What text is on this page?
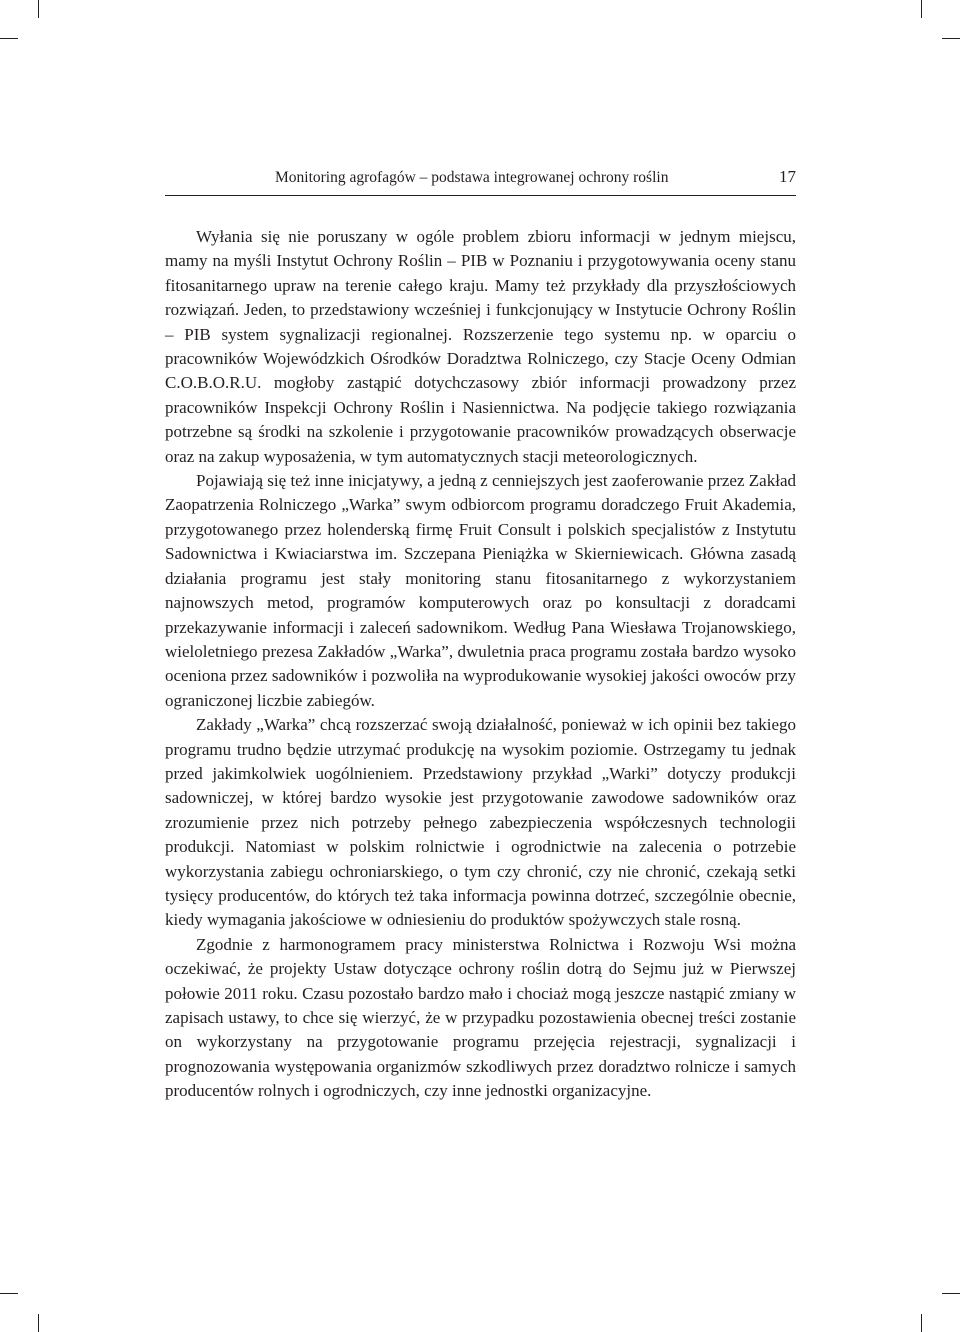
Monitoring agrofagów – podstawa integrowanej ochrony roślin	17

Wyłania się nie poruszany w ogóle problem zbioru informacji w jednym miejscu, mamy na myśli Instytut Ochrony Roślin – PIB w Poznaniu i przygotowywania oceny stanu fitosanitarnego upraw na terenie całego kraju. Mamy też przykłady dla przyszłościowych rozwiązań. Jeden, to przedstawiony wcześniej i funkcjonujący w Instytucie Ochrony Roślin – PIB system sygnalizacji regionalnej. Rozszerzenie tego systemu np. w oparciu o pracowników Wojewódzkich Ośrodków Doradztwa Rolniczego, czy Stacje Oceny Odmian C.O.B.O.R.U. mogłoby zastąpić dotychczasowy zbiór informacji prowadzony przez pracowników Inspekcji Ochrony Roślin i Nasiennictwa. Na podjęcie takiego rozwiązania potrzebne są środki na szkolenie i przygotowanie pracowników prowadzących obserwacje oraz na zakup wyposażenia, w tym automatycznych stacji meteorologicznych.

Pojawiają się też inne inicjatywy, a jedną z cenniejszych jest zaoferowanie przez Zakład Zaopatrzenia Rolniczego „Warka” swym odbiorcom programu doradczego Fruit Akademia, przygotowanego przez holenderską firmę Fruit Consult i polskich specjalistów z Instytutu Sadownictwa i Kwiaciarstwa im. Szczepana Pieniążka w Skierniewicach. Główna zasadą działania programu jest stały monitoring stanu fitosanitarnego z wykorzystaniem najnowszych metod, programów komputerowych oraz po konsultacji z doradcami przekazywanie informacji i zaleceń sadownikom. Według Pana Wiesława Trojanowskiego, wieloletniego prezesa Zakładów „Warka”, dwuletnia praca programu została bardzo wysoko oceniona przez sadowników i pozwoliła na wyprodukowanie wysokiej jakości owoców przy ograniczonej liczbie zabiegów.

Zakłady „Warka” chcą rozszerzać swoją działalność, ponieważ w ich opinii bez takiego programu trudno będzie utrzymać produkcję na wysokim poziomie. Ostrzegamy tu jednak przed jakimkolwiek uogólnieniem. Przedstawiony przykład „Warki” dotyczy produkcji sadowniczej, w której bardzo wysokie jest przygotowanie zawodowe sadowników oraz zrozumienie przez nich potrzeby pełnego zabezpieczenia współczesnych technologii produkcji. Natomiast w polskim rolnictwie i ogrodnictwie na zalecenia o potrzebie wykorzystania zabiegu ochroniarskiego, o tym czy chronić, czy nie chronić, czekają setki tysięcy producentów, do których też taka informacja powinna dotrzeć, szczególnie obecnie, kiedy wymagania jakościowe w odniesieniu do produktów spożywczych stale rosną.

Zgodnie z harmonogramem pracy ministerstwa Rolnictwa i Rozwoju Wsi można oczekiwać, że projekty Ustaw dotyczące ochrony roślin dotrą do Sejmu już w Pierwszej połowie 2011 roku. Czasu pozostało bardzo mało i chociaż mogą jeszcze nastąpić zmiany w zapisach ustawy, to chce się wierzyć, że w przypadku pozostawienia obecnej treści zostanie on wykorzystany na przygotowanie programu przejęcia rejestracji, sygnalizacji i prognozowania występowania organizmów szkodliwych przez doradztwo rolnicze i samych producentów rolnych i ogrodniczych, czy inne jednostki organizacyjne.
